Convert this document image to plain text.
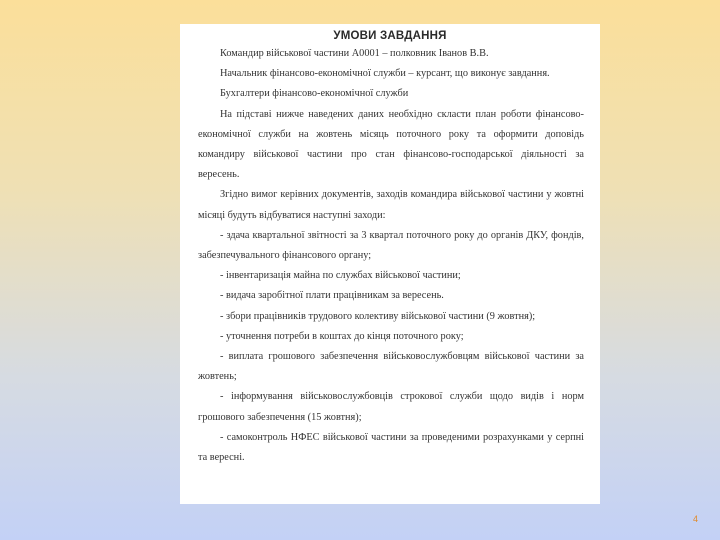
УМОВИ ЗАВДАННЯ

Командир військової частини А0001 – полковник Іванов В.В.

Начальник фінансово-економічної служби – курсант, що виконує завдання.

Бухгалтери фінансово-економічної служби

На підставі нижче наведених даних необхідно скласти план роботи фінансово-економічної служби на жовтень місяць поточного року та оформити доповідь командиру військової частини про стан фінансово-господарської діяльності за вересень.

Згідно вимог керівних документів, заходів командира військової частини у жовтні місяці будуть відбуватися наступні заходи:

- здача квартальної звітності за 3 квартал поточного року до органів ДКУ, фондів, забезпечувального фінансового органу;

- інвентаризація майна по службах військової частини;

- видача заробітної плати працівникам за вересень.

- збори працівників трудового колективу військової частини (9 жовтня);

- уточнення потреби в коштах до кінця поточного року;

- виплата грошового забезпечення військовослужбовцям військової частини за жовтень;

- інформування військовослужбовців строкової служби щодо видів і норм грошового забезпечення (15 жовтня);

- самоконтроль НФЕС військової частини за проведеними розрахунками у серпні та вересні.

4
